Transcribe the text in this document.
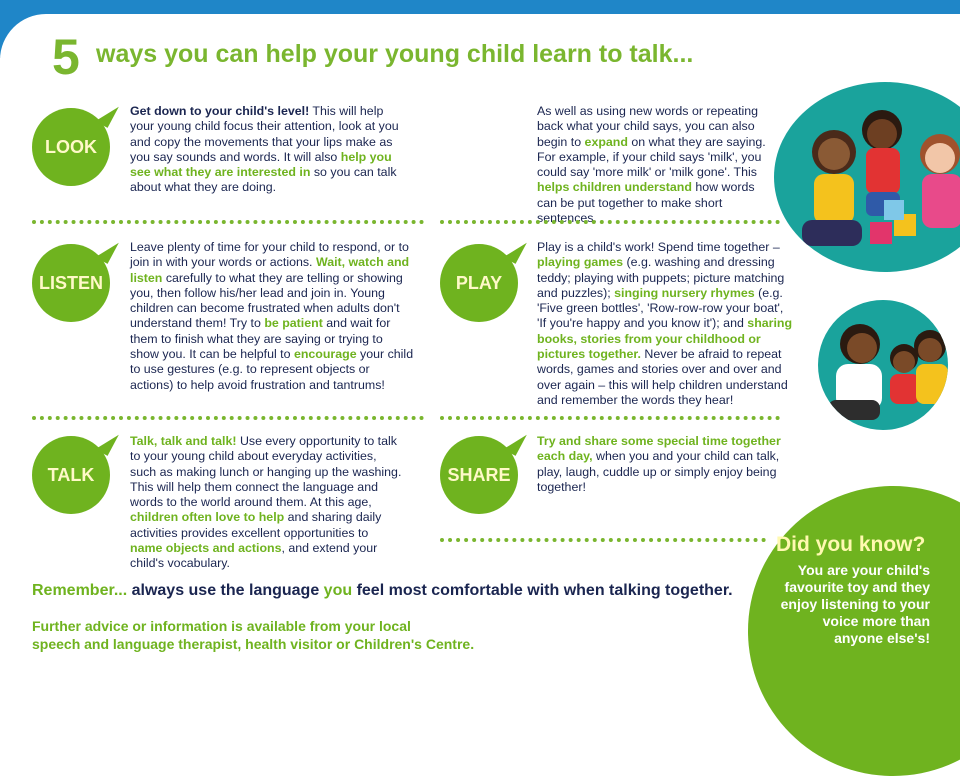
5 ways you can help your young child learn to talk...
LOOK
Get down to your child's level! This will help your young child focus their attention, look at you and copy the movements that your lips make as you say sounds and words. It will also help you see what they are interested in so you can talk about what they are doing.
As well as using new words or repeating back what your child says, you can also begin to expand on what they are saying. For example, if your child says 'milk', you could say 'more milk' or 'milk gone'. This helps children understand how words can be put together to make short sentences.
LISTEN
Leave plenty of time for your child to respond, or to join in with your words or actions. Wait, watch and listen carefully to what they are telling or showing you, then follow his/her lead and join in. Young children can become frustrated when adults don't understand them! Try to be patient and wait for them to finish what they are saying or trying to show you. It can be helpful to encourage your child to use gestures (e.g. to represent objects or actions) to help avoid frustration and tantrums!
PLAY
Play is a child's work! Spend time together – playing games (e.g. washing and dressing teddy; playing with puppets; picture matching and puzzles); singing nursery rhymes (e.g. 'Five green bottles', 'Row-row-row your boat', 'If you're happy and you know it'); and sharing books, stories from your childhood or pictures together. Never be afraid to repeat words, games and stories over and over and over again – this will help children understand and remember the words they hear!
TALK
Talk, talk and talk! Use every opportunity to talk to your young child about everyday activities, such as making lunch or hanging up the washing. This will help them connect the language and words to the world around them. At this age, children often love to help and sharing daily activities provides excellent opportunities to name objects and actions, and extend your child's vocabulary.
SHARE
Try and share some special time together each day, when you and your child can talk, play, laugh, cuddle up or simply enjoy being together!
Did you know?
You are your child's favourite toy and they enjoy listening to your voice more than anyone else's!
Remember... always use the language you feel most comfortable with when talking together.
Further advice or information is available from your local
speech and language therapist, health visitor or Children's Centre.
